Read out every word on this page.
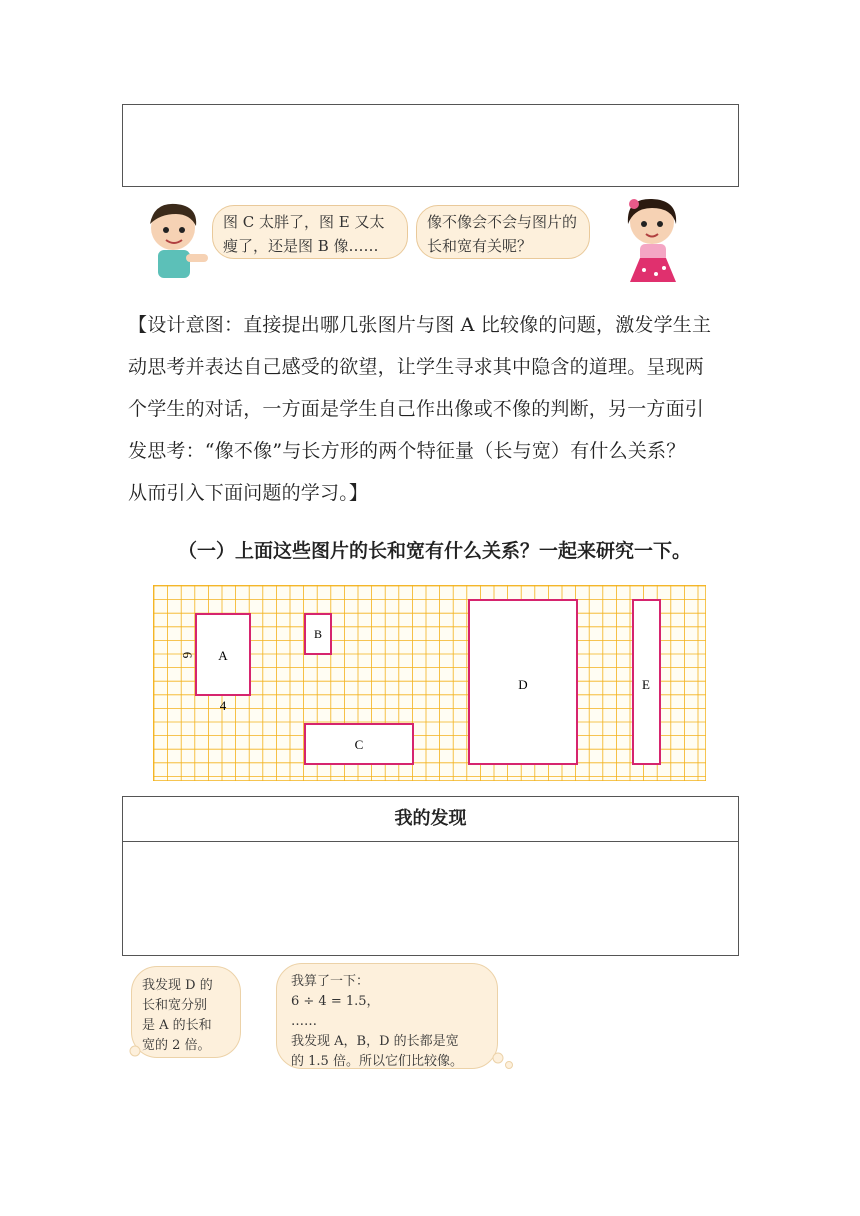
图 C 太胖了，图 E 又太瘦了，还是图 B 像……
像不像会不会与图片的长和宽有关呢？
【设计意图：直接提出哪几张图片与图 A 比较像的问题，激发学生主
动思考并表达自己感受的欲望，让学生寻求其中隐含的道理。呈现两
个学生的对话，一方面是学生自己作出像或不像的判断，另一方面引
发思考：“像不像”与长方形的两个特征量（长与宽）有什么关系？
从而引入下面问题的学习。】
（一）上面这些图片的长和宽有什么关系？一起来研究一下。
A
B
C
D	E
6
4
我的发现
我发现 D 的
长和宽分别
是 A 的长和
宽的 2 倍。
我算了一下：
6 ÷ 4 = 1.5，
……
我发现 A，B，D 的长都是宽
的 1.5 倍。所以它们比较像。
